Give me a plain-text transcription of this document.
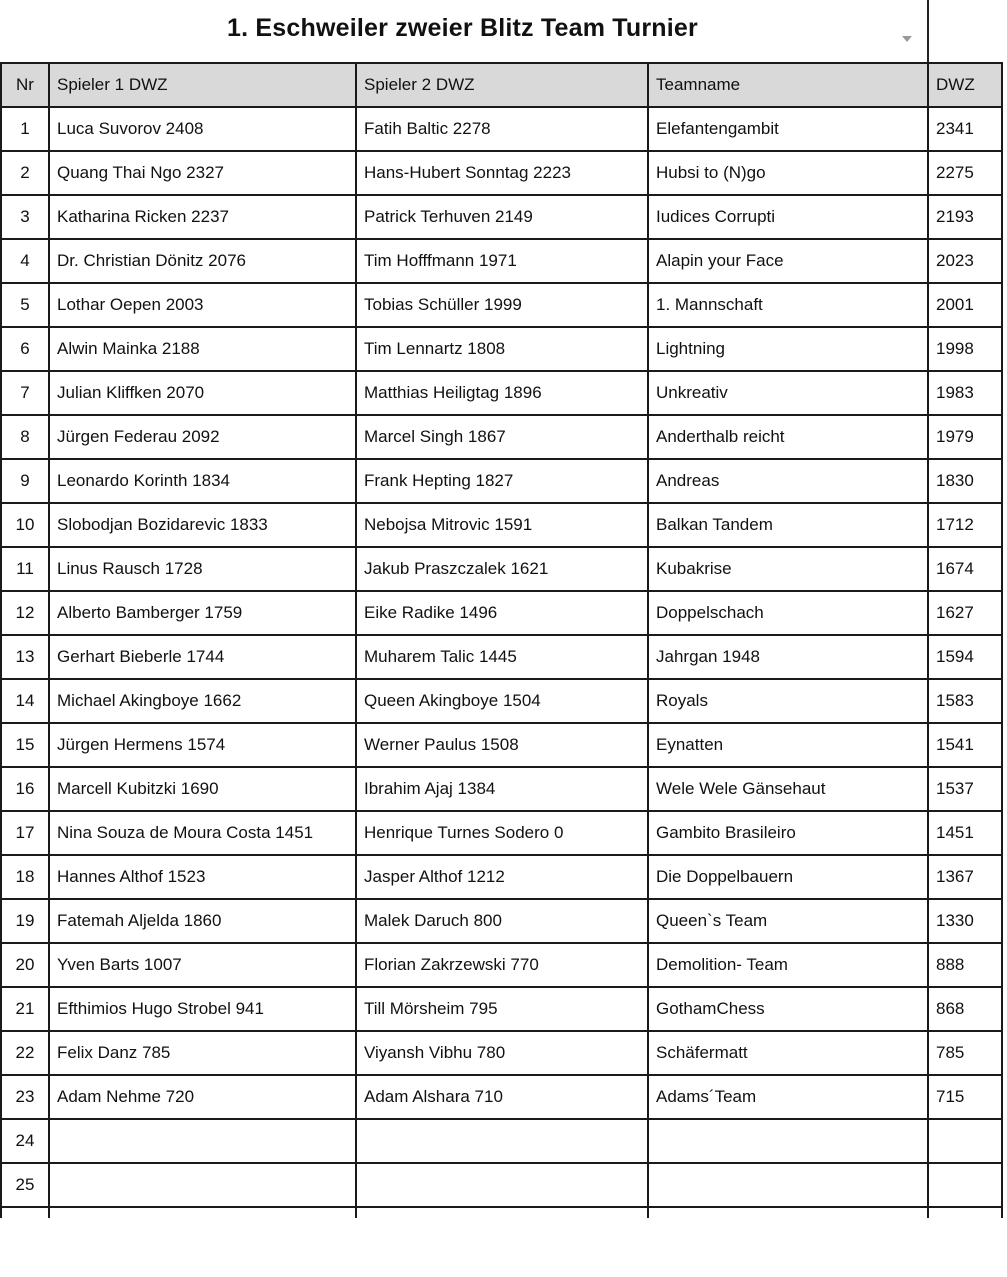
1. Eschweiler zweier Blitz Team Turnier
Nr	Spieler 1 DWZ	Spieler 2 DWZ	Teamname	DWZ
1	Luca Suvorov 2408	Fatih Baltic 2278	Elefantengambit	2341
2	Quang Thai Ngo 2327	Hans-Hubert Sonntag 2223	Hubsi to (N)go	2275
3	Katharina Ricken 2237	Patrick Terhuven 2149	Iudices Corrupti	2193
4	Dr. Christian Dönitz 2076	Tim Hofffmann 1971	Alapin your Face	2023
5	Lothar Oepen 2003	Tobias Schüller 1999	1. Mannschaft	2001
6	Alwin Mainka 2188	Tim Lennartz 1808	Lightning	1998
7	Julian Kliffken 2070	Matthias Heiligtag 1896	Unkreativ	1983
8	Jürgen Federau 2092	Marcel Singh 1867	Anderthalb reicht	1979
9	Leonardo Korinth 1834	Frank Hepting 1827	Andreas	1830
10	Slobodjan Bozidarevic 1833	Nebojsa Mitrovic 1591	Balkan Tandem	1712
11	Linus Rausch 1728	Jakub Praszczalek 1621	Kubakrise	1674
12	Alberto Bamberger 1759	Eike Radike 1496	Doppelschach	1627
13	Gerhart Bieberle 1744	Muharem Talic 1445	Jahrgan 1948	1594
14	Michael Akingboye 1662	Queen Akingboye 1504	Royals	1583
15	Jürgen Hermens 1574	Werner Paulus 1508	Eynatten	1541
16	Marcell Kubitzki 1690	Ibrahim Ajaj 1384	Wele Wele Gänsehaut	1537
17	Nina Souza de Moura Costa 1451	Henrique Turnes Sodero 0	Gambito Brasileiro	1451
18	Hannes Althof 1523	Jasper Althof 1212	Die Doppelbauern	1367
19	Fatemah Aljelda 1860	Malek Daruch 800	Queen`s Team	1330
20	Yven Barts 1007	Florian Zakrzewski 770	Demolition- Team	888
21	Efthimios Hugo Strobel 941	Till Mörsheim 795	GothamChess	868
22	Felix Danz 785	Viyansh Vibhu 780	Schäfermatt	785
23	Adam Nehme 720	Adam Alshara 710	Adams´Team	715
24				
25				
